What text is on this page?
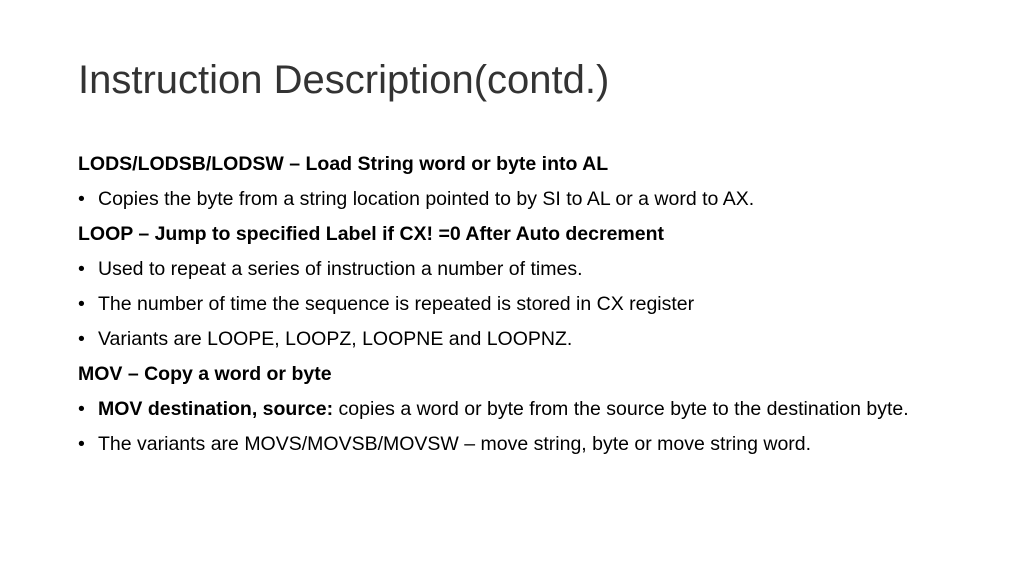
Instruction Description(contd.)
LODS/LODSB/LODSW – Load String word or byte into AL
• Copies the byte from a string location pointed to by SI to AL or a word to AX.
LOOP – Jump to specified Label if CX! =0 After Auto decrement
• Used to repeat a series of instruction a number of times.
• The number of time the sequence is repeated is stored in CX register
• Variants are LOOPE, LOOPZ, LOOPNE and LOOPNZ.
MOV – Copy a word or byte
• MOV destination, source: copies a word or byte from the source byte to the destination byte.
• The variants are MOVS/MOVSB/MOVSW – move string, byte or move string word.
